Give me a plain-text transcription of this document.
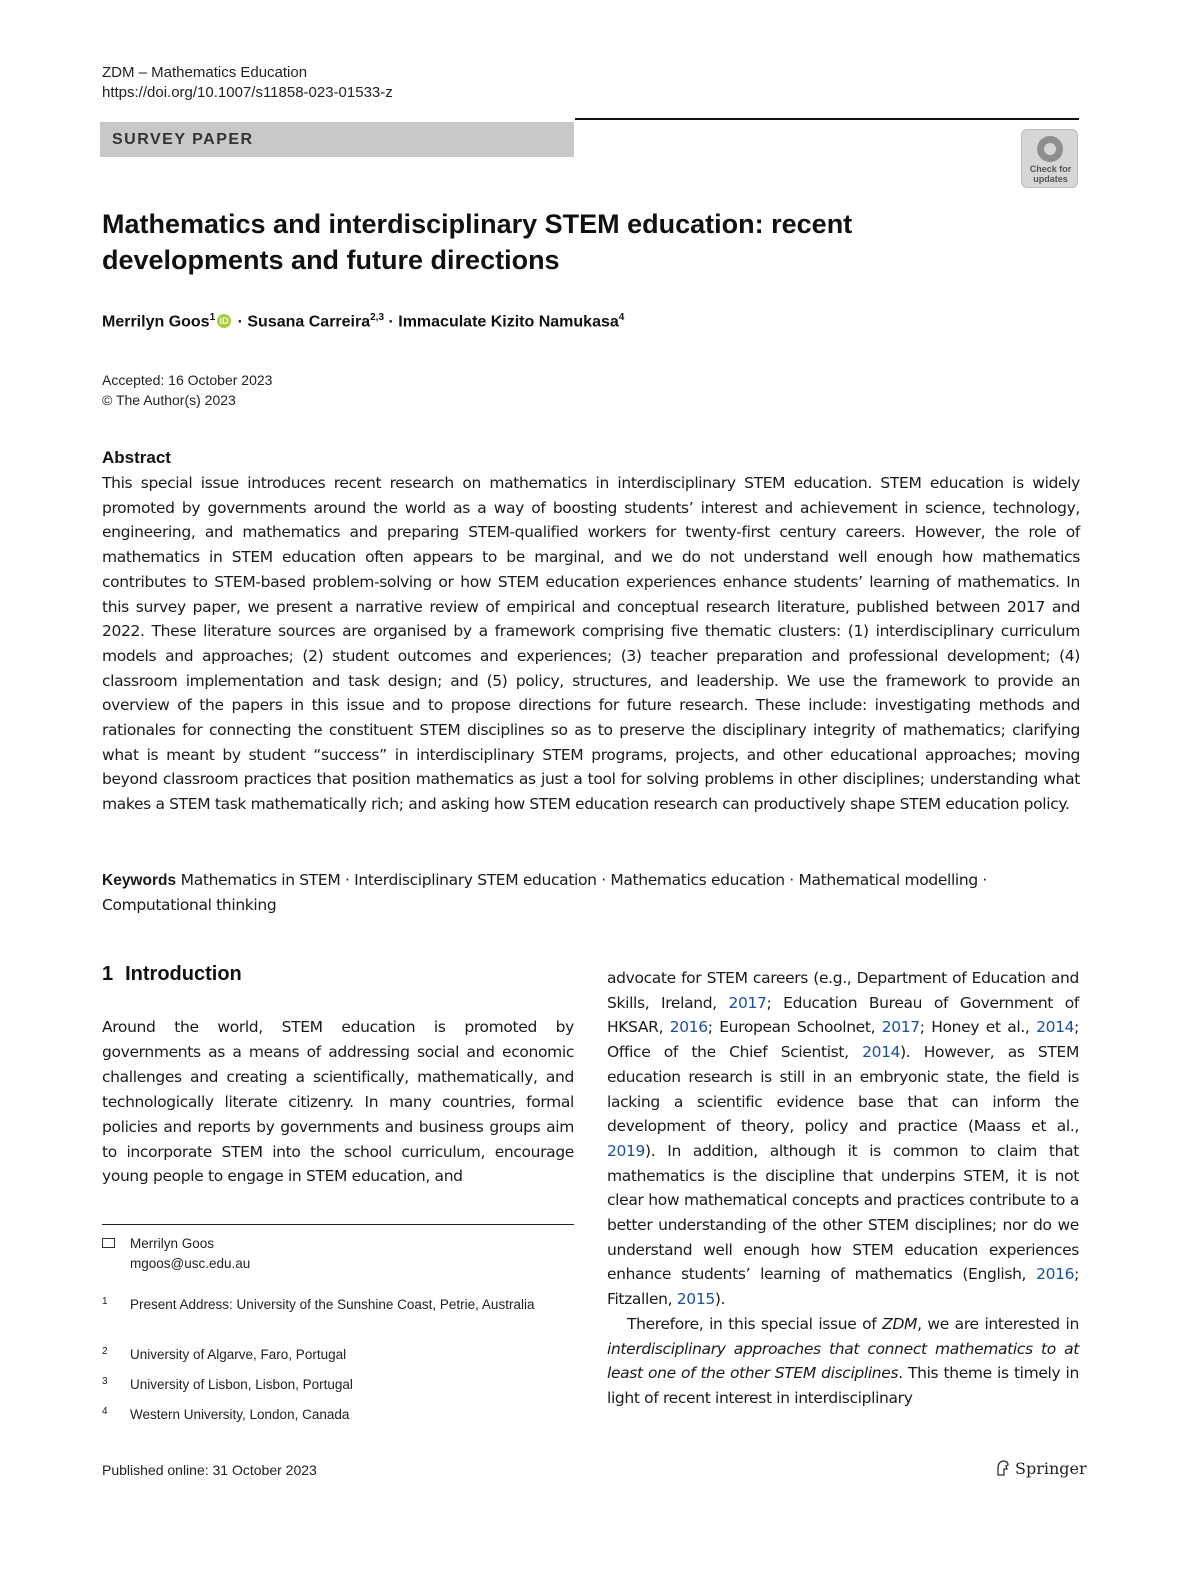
ZDM – Mathematics Education
https://doi.org/10.1007/s11858-023-01533-z
SURVEY PAPER
Check for
updates
Mathematics and interdisciplinary STEM education: recent developments and future directions
Merrilyn Goos$^1$ iD · Susana Carreira$^{2,3}$ · Immaculate Kizito Namukasa$^4$
Accepted: 16 October 2023
© The Author(s) 2023
Abstract
This special issue introduces recent research on mathematics in interdisciplinary STEM education. STEM education is widely promoted by governments around the world as a way of boosting students’ interest and achievement in science, technology, engineering, and mathematics and preparing STEM-qualified workers for twenty-first century careers. However, the role of mathematics in STEM education often appears to be marginal, and we do not understand well enough how mathematics contributes to STEM-based problem-solving or how STEM education experiences enhance students’ learning of mathematics. In this survey paper, we present a narrative review of empirical and conceptual research literature, published between 2017 and 2022. These literature sources are organised by a framework comprising five thematic clusters: (1) interdisciplinary curriculum models and approaches; (2) student outcomes and experiences; (3) teacher preparation and professional development; (4) classroom implementation and task design; and (5) policy, structures, and leadership. We use the framework to provide an overview of the papers in this issue and to propose directions for future research. These include: investigating methods and rationales for connecting the constituent STEM disciplines so as to preserve the disciplinary integrity of mathematics; clarifying what is meant by student “success” in interdisciplinary STEM programs, projects, and other educational approaches; moving beyond classroom practices that position mathematics as just a tool for solving problems in other disciplines; understanding what makes a STEM task mathematically rich; and asking how STEM education research can productively shape STEM education policy.
Keywords Mathematics in STEM · Interdisciplinary STEM education · Mathematics education · Mathematical modelling · Computational thinking
1 Introduction
Around the world, STEM education is promoted by governments as a means of addressing social and economic challenges and creating a scientifically, mathematically, and technologically literate citizenry. In many countries, formal policies and reports by governments and business groups aim to incorporate STEM into the school curriculum, encourage young people to engage in STEM education, and

advocate for STEM careers (e.g., Department of Education and Skills, Ireland, 2017; Education Bureau of Government of HKSAR, 2016; European Schoolnet, 2017; Honey et al., 2014; Office of the Chief Scientist, 2014). However, as STEM education research is still in an embryonic state, the field is lacking a scientific evidence base that can inform the development of theory, policy and practice (Maass et al., 2019). In addition, although it is common to claim that mathematics is the discipline that underpins STEM, it is not clear how mathematical concepts and practices contribute to a better understanding of the other STEM disciplines; nor do we understand well enough how STEM education experiences enhance students’ learning of mathematics (English, 2016; Fitzallen, 2015).

Therefore, in this special issue of ZDM, we are interested in interdisciplinary approaches that connect mathematics to at least one of the other STEM disciplines. This theme is timely in light of recent interest in interdisciplinary

Merrilyn Goos
mgoos@usc.edu.au
1 Present Address: University of the Sunshine Coast, Petrie, Australia
2 University of Algarve, Faro, Portugal
3 University of Lisbon, Lisbon, Portugal
4 Western University, London, Canada
Published online: 31 October 2023	Springer
